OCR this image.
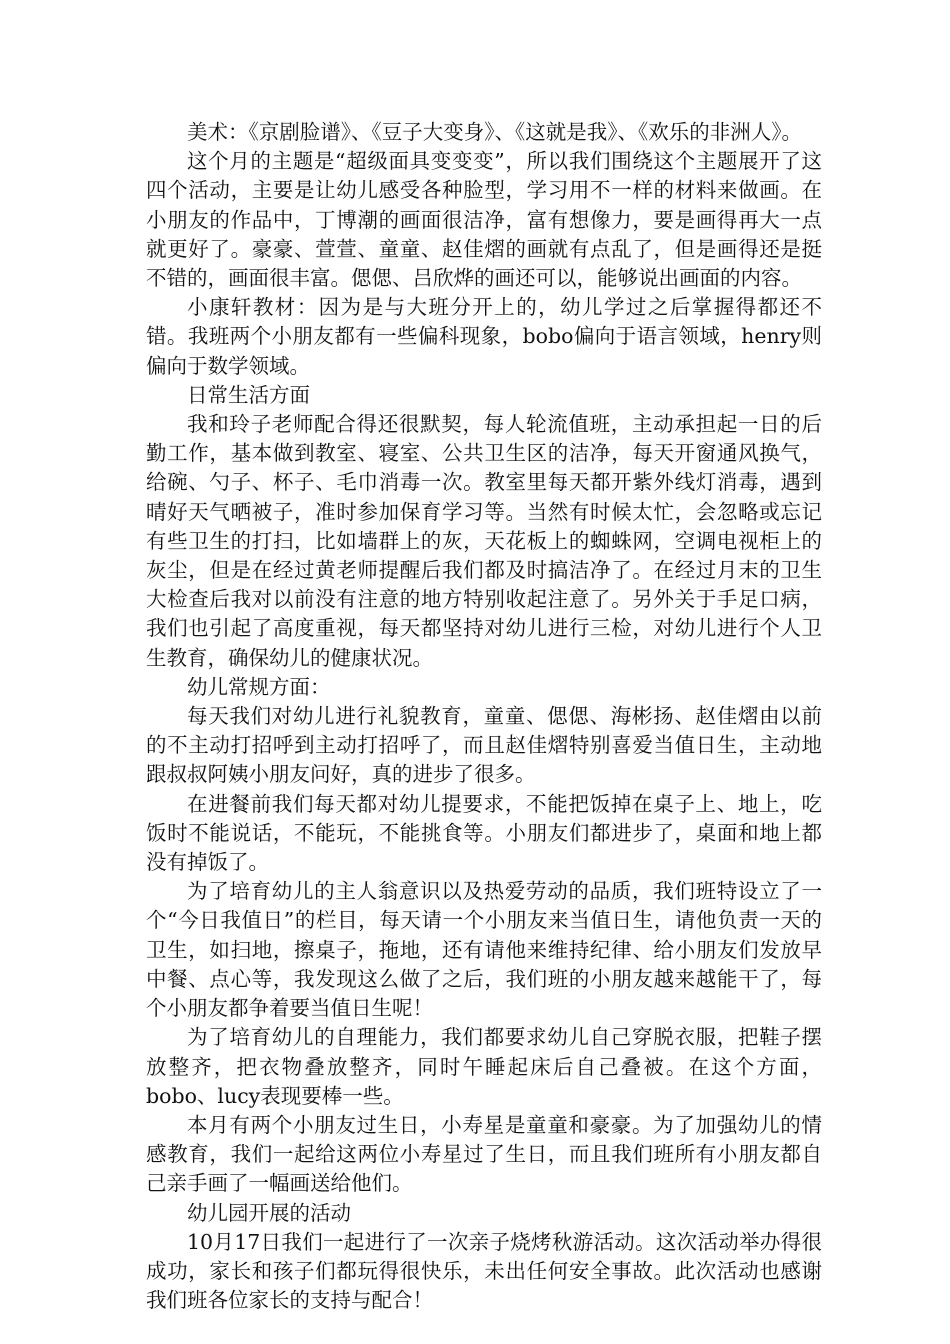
美术：《京剧脸谱》、《豆子大变身》、《这就是我》、《欢乐的非洲人》。

这个月的主题是“超级面具变变变”，所以我们围绕这个主题展开了这四个活动，主要是让幼儿感受各种脸型，学习用不一样的材料来做画。在小朋友的作品中，丁博潮的画面很洁净，富有想像力，要是画得再大一点就更好了。豪豪、萱萱、童童、赵佳熠的画就有点乱了，但是画得还是挺不错的，画面很丰富。偲偲、吕欣烨的画还可以，能够说出画面的内容。

小康轩教材：因为是与大班分开上的，幼儿学过之后掌握得都还不错。我班两个小朋友都有一些偏科现象，bobo偏向于语言领域，henry则偏向于数学领域。

日常生活方面

我和玲子老师配合得还很默契，每人轮流值班，主动承担起一日的后勤工作，基本做到教室、寝室、公共卫生区的洁净，每天开窗通风换气，给碗、勺子、杯子、毛巾消毒一次。教室里每天都开紫外线灯消毒，遇到晴好天气晒被子，准时参加保育学习等。当然有时候太忙，会忽略或忘记有些卫生的打扫，比如墙群上的灰，天花板上的蜘蛛网，空调电视柜上的灰尘，但是在经过黄老师提醒后我们都及时搞洁净了。在经过月末的卫生大检查后我对以前没有注意的地方特别收起注意了。另外关于手足口病，我们也引起了高度重视，每天都坚持对幼儿进行三检，对幼儿进行个人卫生教育，确保幼儿的健康状况。

幼儿常规方面：

每天我们对幼儿进行礼貌教育，童童、偲偲、海彬扬、赵佳熠由以前的不主动打招呼到主动打招呼了，而且赵佳熠特别喜爱当值日生，主动地跟叔叔阿姨小朋友问好，真的进步了很多。

在进餐前我们每天都对幼儿提要求，不能把饭掉在桌子上、地上，吃饭时不能说话，不能玩，不能挑食等。小朋友们都进步了，桌面和地上都没有掉饭了。

为了培育幼儿的主人翁意识以及热爱劳动的品质，我们班特设立了一个“今日我值日”的栏目，每天请一个小朋友来当值日生，请他负责一天的卫生，如扫地，擦桌子，拖地，还有请他来维持纪律、给小朋友们发放早中餐、点心等，我发现这么做了之后，我们班的小朋友越来越能干了，每个小朋友都争着要当值日生呢！

为了培育幼儿的自理能力，我们都要求幼儿自己穿脱衣服，把鞋子摆放整齐，把衣物叠放整齐，同时午睡起床后自己叠被。在这个方面，bobo、lucy表现要棒一些。

本月有两个小朋友过生日，小寿星是童童和豪豪。为了加强幼儿的情感教育，我们一起给这两位小寿星过了生日，而且我们班所有小朋友都自己亲手画了一幅画送给他们。

幼儿园开展的活动

10月17日我们一起进行了一次亲子烧烤秋游活动。这次活动举办得很成功，家长和孩子们都玩得很快乐，未出任何安全事故。此次活动也感谢我们班各位家长的支持与配合！
